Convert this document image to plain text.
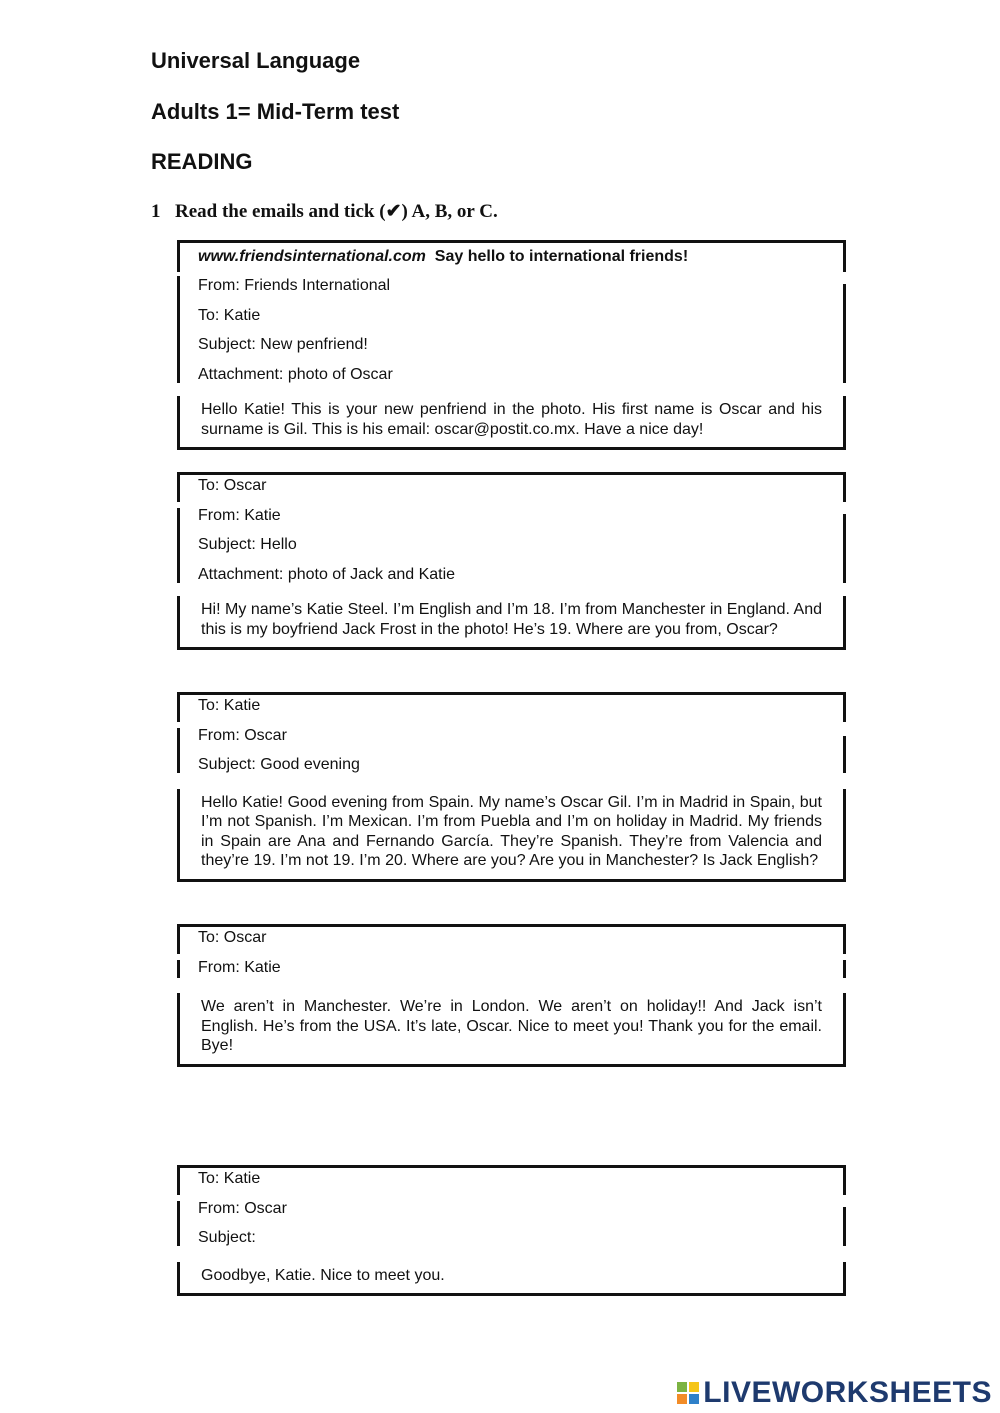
Universal Language
Adults 1= Mid-Term test
READING

1 Read the emails and tick (✔) A, B, or C.

www.friendsinternational.com Say hello to international friends!
From: Friends International
To: Katie
Subject: New penfriend!
Attachment: photo of Oscar
Hello Katie! This is your new penfriend in the photo. His first name is Oscar and his surname is Gil. This is his email: oscar@postit.co.mx. Have a nice day!
To: Oscar
From: Katie
Subject: Hello
Attachment: photo of Jack and Katie
Hi! My name’s Katie Steel. I’m English and I’m 18. I’m from Manchester in England. And this is my boyfriend Jack Frost in the photo! He’s 19. Where are you from, Oscar?
To: Katie
From: Oscar
Subject: Good evening
Hello Katie! Good evening from Spain. My name’s Oscar Gil. I’m in Madrid in Spain, but I’m not Spanish. I’m Mexican. I’m from Puebla and I’m on holiday in Madrid. My friends in Spain are Ana and Fernando García. They’re Spanish. They’re from Valencia and they’re 19. I’m not 19. I’m 20. Where are you? Are you in Manchester? Is Jack English?
To: Oscar
From: Katie
We aren’t in Manchester. We’re in London. We aren’t on holiday!! And Jack isn’t English. He’s from the USA. It’s late, Oscar. Nice to meet you! Thank you for the email. Bye!
To: Katie
From: Oscar
Subject:
Goodbye, Katie. Nice to meet you.
LIVEWORKSHEETS
